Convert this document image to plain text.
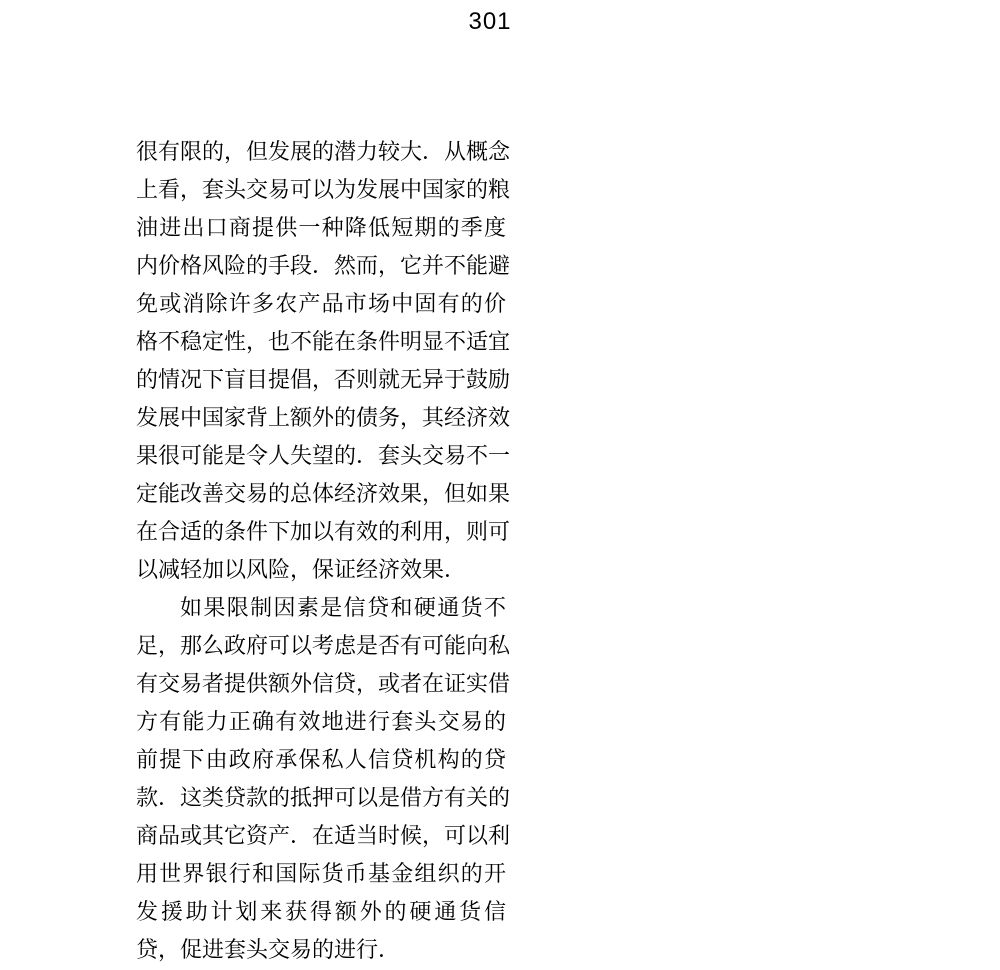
301
很有限的，但发展的潜力较大．从概念
上看，套头交易可以为发展中国家的粮
油进出口商提供一种降低短期的季度
内价格风险的手段．然而，它并不能避
免或消除许多农产品市场中固有的价
格不稳定性，也不能在条件明显不适宜
的情况下盲目提倡，否则就无异于鼓励
发展中国家背上额外的债务，其经济效
果很可能是令人失望的．套头交易不一
定能改善交易的总体经济效果，但如果
在合适的条件下加以有效的利用，则可
以减轻加以风险，保证经济效果．
如果限制因素是信贷和硬通货不
足，那么政府可以考虑是否有可能向私
有交易者提供额外信贷，或者在证实借
方有能力正确有效地进行套头交易的
前提下由政府承保私人信贷机构的贷
款．这类贷款的抵押可以是借方有关的
商品或其它资产．在适当时候，可以利
用世界银行和国际货币基金组织的开
发援助计划来获得额外的硬通货信
贷，促进套头交易的进行．
